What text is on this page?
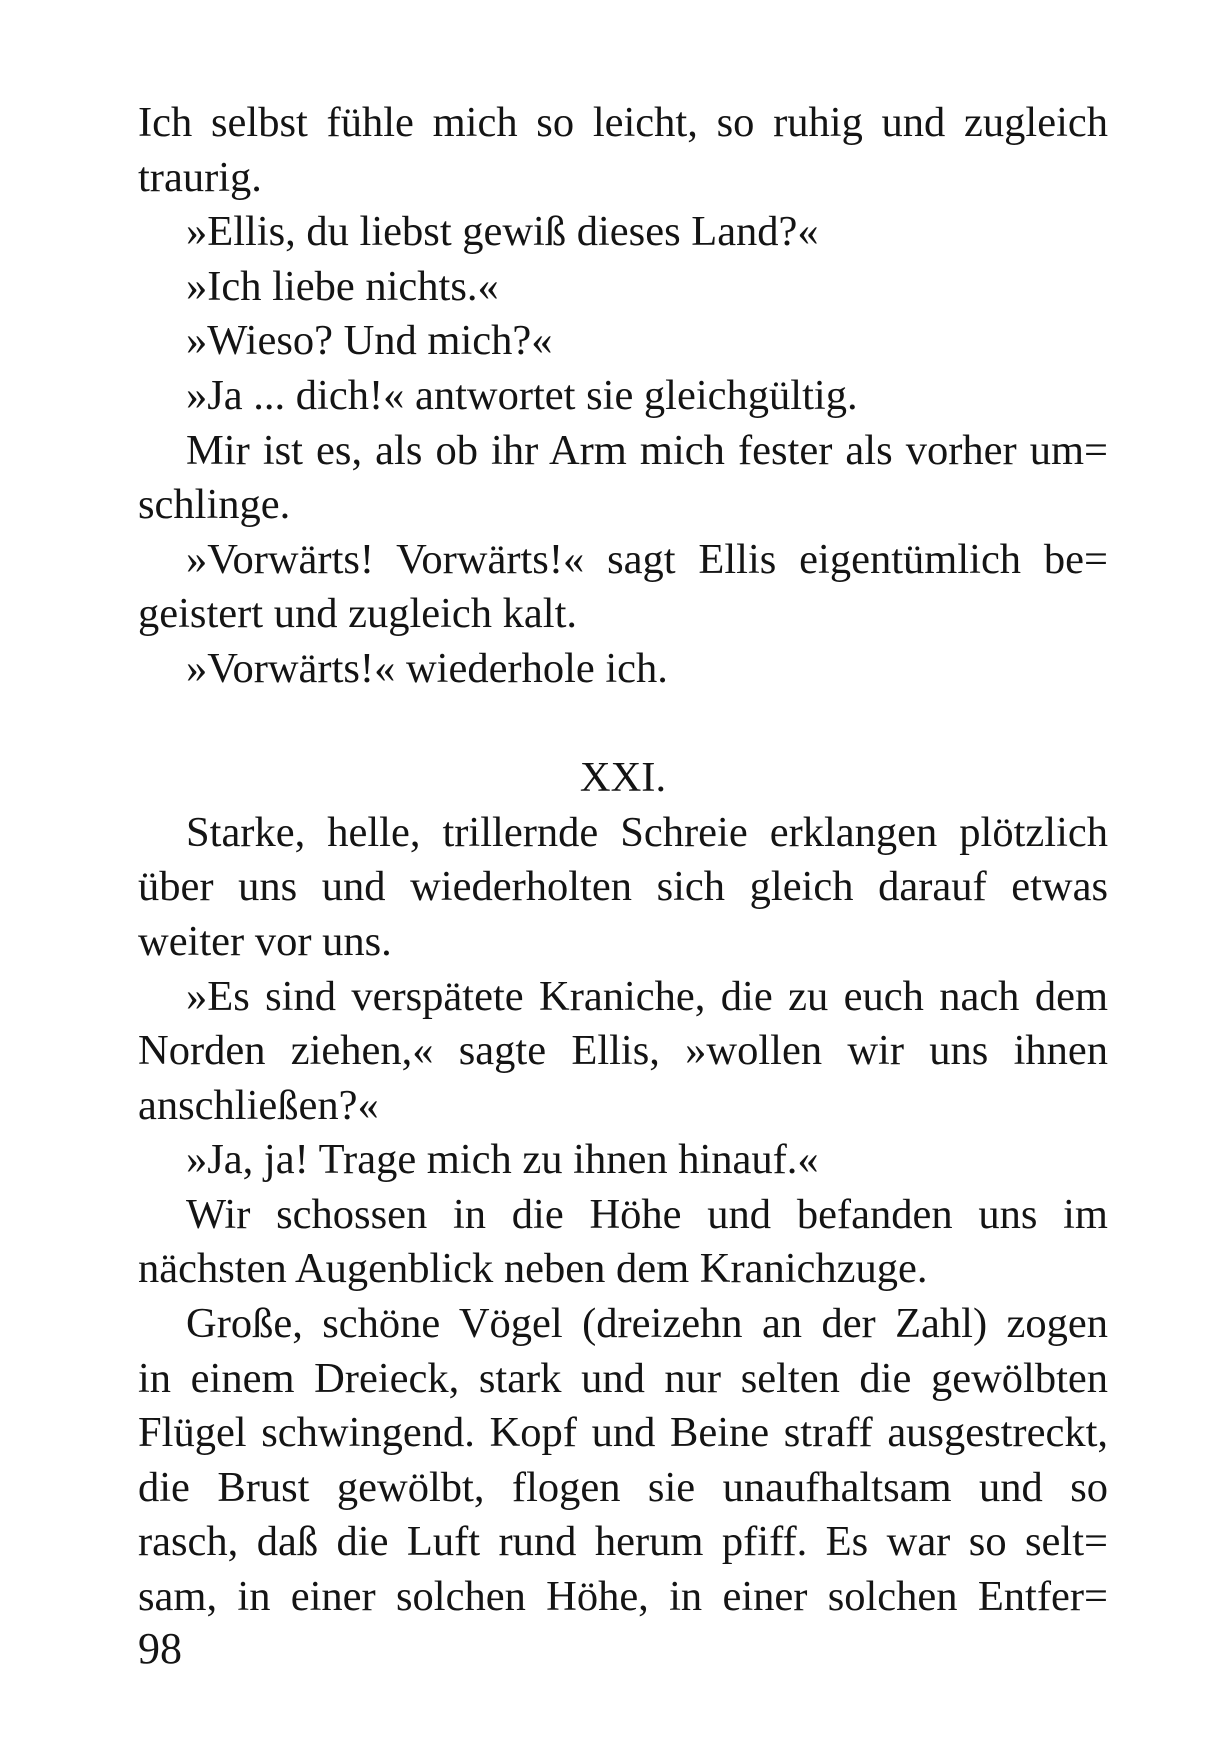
Ich selbst fühle mich so leicht, so ruhig und zugleich
traurig.
»Ellis, du liebst gewiß dieses Land?«
»Ich liebe nichts.«
»Wieso? Und mich?«
»Ja ... dich!« antwortet sie gleichgültig.
Mir ist es, als ob ihr Arm mich fester als vorher um=
schlinge.
»Vorwärts! Vorwärts!« sagt Ellis eigentümlich be=
geistert und zugleich kalt.
»Vorwärts!« wiederhole ich.
XXI.
Starke, helle, trillernde Schreie erklangen plötzlich
über uns und wiederholten sich gleich darauf etwas
weiter vor uns.
»Es sind verspätete Kraniche, die zu euch nach dem
Norden ziehen,« sagte Ellis, »wollen wir uns ihnen
anschließen?«
»Ja, ja! Trage mich zu ihnen hinauf.«
Wir schossen in die Höhe und befanden uns im
nächsten Augenblick neben dem Kranichzuge.
Große, schöne Vögel (dreizehn an der Zahl) zogen
in einem Dreieck, stark und nur selten die gewölbten
Flügel schwingend. Kopf und Beine straff ausgestreckt,
die Brust gewölbt, flogen sie unaufhaltsam und so
rasch, daß die Luft rund herum pfiff. Es war so selt=
sam, in einer solchen Höhe, in einer solchen Entfer=
98
